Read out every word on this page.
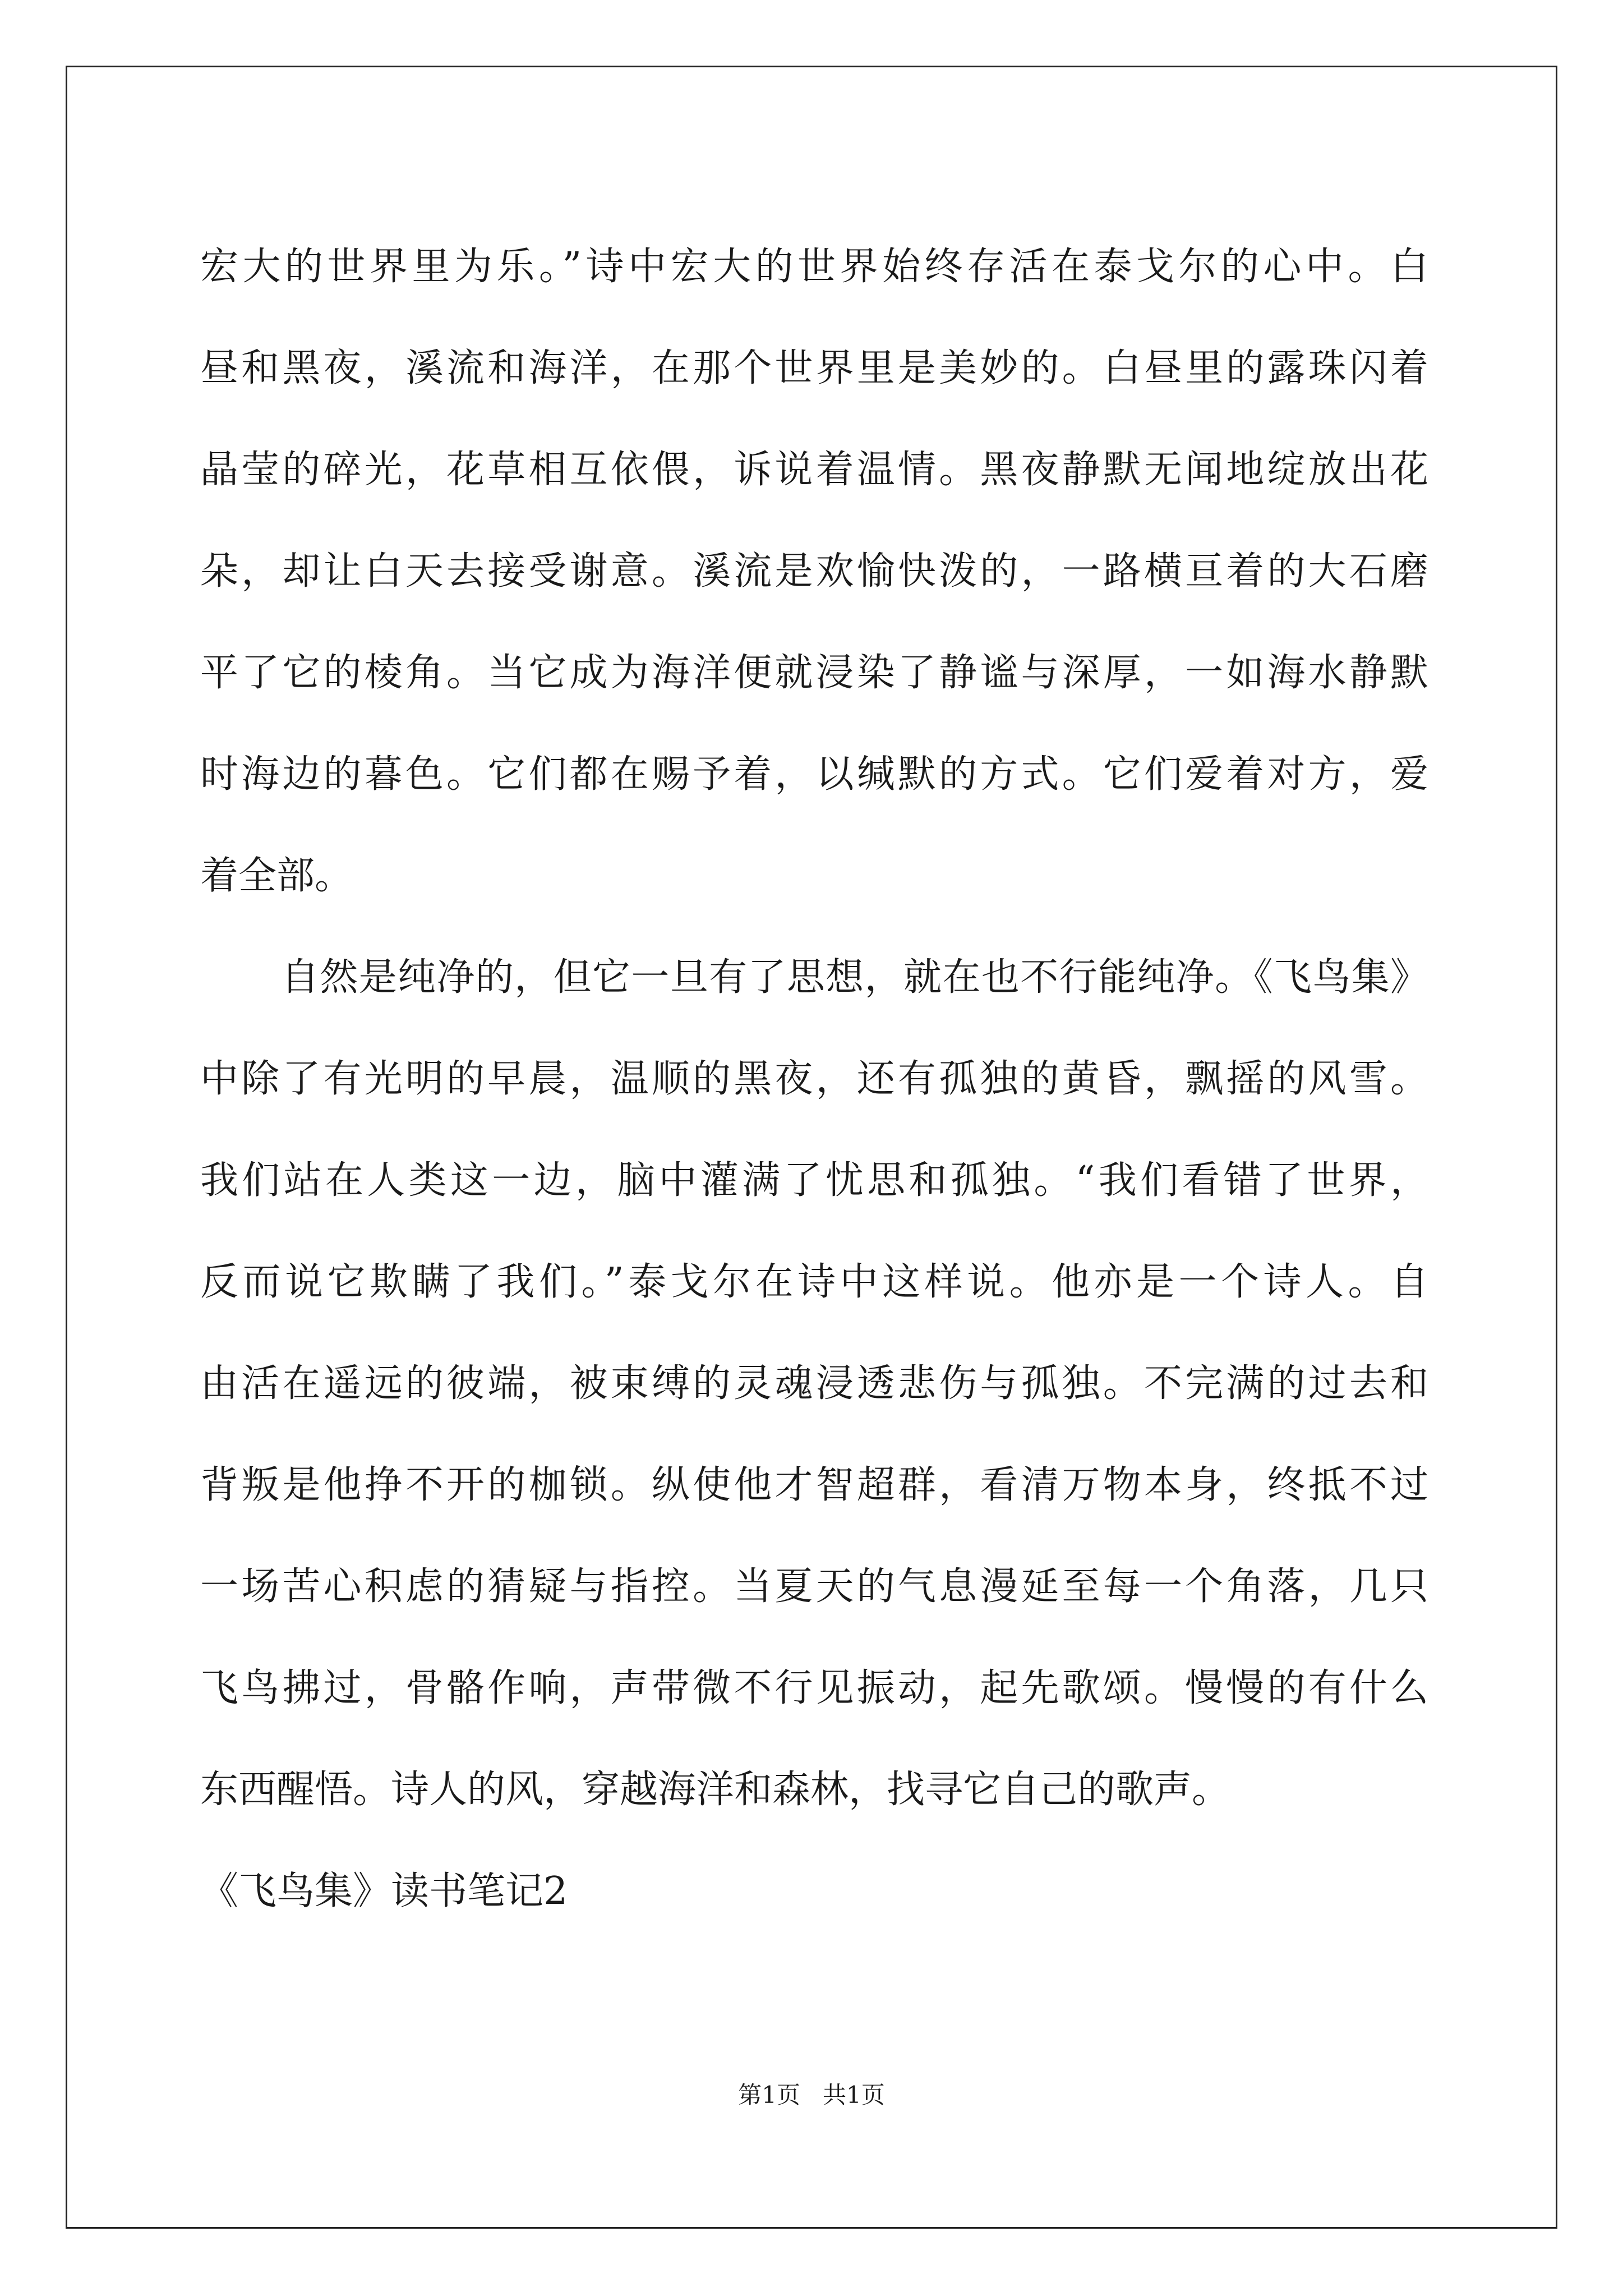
宏大的世界里为乐。”诗中宏大的世界始终存活在泰戈尔的心中。白
昼和黑夜，溪流和海洋，在那个世界里是美妙的。白昼里的露珠闪着
晶莹的碎光，花草相互依偎，诉说着温情。黑夜静默无闻地绽放出花
朵，却让白天去接受谢意。溪流是欢愉快泼的，一路横亘着的大石磨
平了它的棱角。当它成为海洋便就浸染了静谧与深厚，一如海水静默
时海边的暮色。它们都在赐予着，以缄默的方式。它们爱着对方，爱
着全部。
自然是纯净的，但它一旦有了思想，就在也不行能纯净。《飞鸟集》
中除了有光明的早晨，温顺的黑夜，还有孤独的黄昏，飘摇的风雪。
我们站在人类这一边，脑中灌满了忧思和孤独。“我们看错了世界，
反而说它欺瞒了我们。”泰戈尔在诗中这样说。他亦是一个诗人。自
由活在遥远的彼端，被束缚的灵魂浸透悲伤与孤独。不完满的过去和
背叛是他挣不开的枷锁。纵使他才智超群，看清万物本身，终抵不过
一场苦心积虑的猜疑与指控。当夏天的气息漫延至每一个角落，几只
飞鸟拂过，骨骼作响，声带微不行见振动，起先歌颂。慢慢的有什么
东西醒悟。诗人的风，穿越海洋和森林，找寻它自己的歌声。
《飞鸟集》读书笔记2
第1页   共1页
